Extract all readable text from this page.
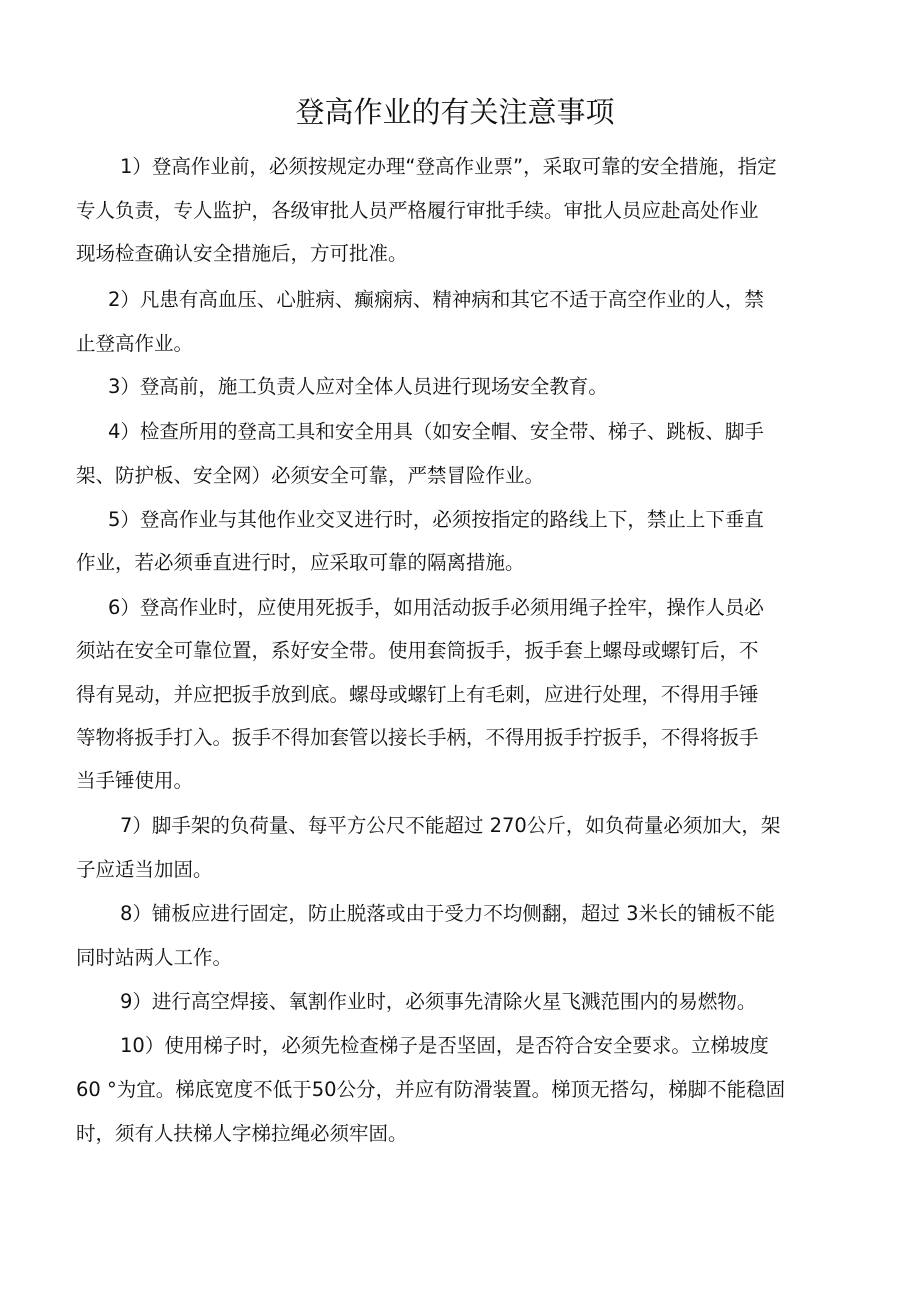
登高作业的有关注意事项
1）登高作业前，必须按规定办理“登高作业票”，采取可靠的安全措施，指定
专人负责，专人监护，各级审批人员严格履行审批手续。审批人员应赴高处作业
现场检查确认安全措施后，方可批准。
2）凡患有高血压、心脏病、癫痫病、精神病和其它不适于高空作业的人，禁
止登高作业。
3）登高前，施工负责人应对全体人员进行现场安全教育。
4）检查所用的登高工具和安全用具（如安全帽、安全带、梯子、跳板、脚手
架、防护板、安全网）必须安全可靠，严禁冒险作业。
5）登高作业与其他作业交叉进行时，必须按指定的路线上下，禁止上下垂直
作业，若必须垂直进行时，应采取可靠的隔离措施。
6）登高作业时，应使用死扳手，如用活动扳手必须用绳子拴牢，操作人员必
须站在安全可靠位置，系好安全带。使用套筒扳手，扳手套上螺母或螺钉后，不
得有晃动，并应把扳手放到底。螺母或螺钉上有毛刺，应进行处理，不得用手锤
等物将扳手打入。扳手不得加套管以接长手柄，不得用扳手拧扳手，不得将扳手
当手锤使用。
7）脚手架的负荷量、每平方公尺不能超过 270公斤，如负荷量必须加大，架
子应适当加固。
8）铺板应进行固定，防止脱落或由于受力不均侧翻，超过 3米长的铺板不能
同时站两人工作。
9）进行高空焊接、氧割作业时，必须事先清除火星飞溅范围内的易燃物。
10）使用梯子时，必须先检查梯子是否坚固，是否符合安全要求。立梯坡度
60 °为宜。梯底宽度不低于50公分，并应有防滑装置。梯顶无搭勾，梯脚不能稳固
时，须有人扶梯人字梯拉绳必须牢固。
